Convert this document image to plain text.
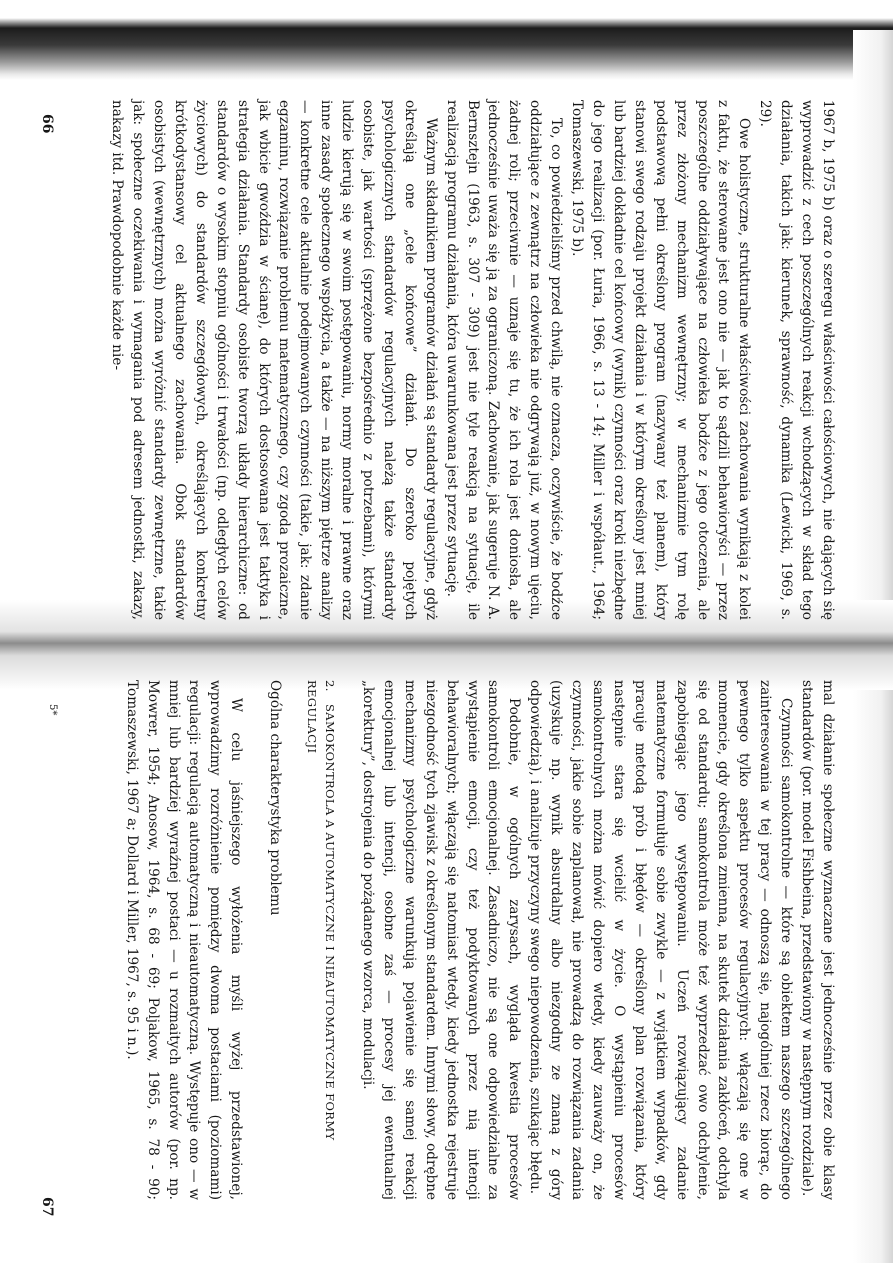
1967 b, 1975 b) oraz o szeregu właściwości całościowych, nie dających się wyprowadzić z cech poszczególnych reakcji wchodzących w skład tego działania, takich jak: kierunek, sprawność, dynamika (Lewicki, 1969, s. 29).

Owe holistyczne, strukturalne właściwości zachowania wynikają z kolei z faktu, że sterowane jest ono nie — jak to sądzili behawioryści — przez poszczególne oddziaływające na człowieka bodźce z jego otoczenia, ale przez złożony mechanizm wewnętrzny; w mechanizmie tym rolę podstawową pełni określony program (nazywany też planem), który stanowi swego rodzaju projekt działania i w którym określony jest mniej lub bardziej dokładnie cel końcowy (wynik) czynności oraz kroki niezbędne do jego realizacji (por. Łuria, 1966, s. 13 - 14; Miller i współaut., 1964; Tomaszewski, 1975 b).

To, co powiedzieliśmy przed chwilą, nie oznacza, oczywiście, że bodźce oddziałujące z zewnątrz na człowieka nie odgrywają już, w nowym ujęciu, żadnej roli; przeciwnie — uznaje się tu, że ich rola jest doniosła, ale jednocześnie uważa się ją za ograniczoną. Zachowanie, jak sugeruje N. A. Bernsztejn (1963, s. 307 - 309) jest nie tyle reakcją na sytuację, ile realizacją programu działania, która uwarunkowana jest przez sytuację.

Ważnym składnikiem programów działań są standardy regulacyjne, gdyż określają one „cele końcowe” działań. Do szeroko pojętych psychologicznych standardów regulacyjnych należą także standardy osobiste, jak wartości (sprzężone bezpośrednio z potrzebami), którymi ludzie kierują się w swoim postępowaniu, normy moralne i prawne oraz inne zasady społecznego współżycia, a także — na niższym piętrze analizy — konkretne cele aktualnie podejmowanych czynności (takie, jak: zdanie egzaminu, rozwiązanie problemu matematycznego, czy zgoda prozaiczne, jak wbicie gwoździa w ścianę), do których dostosowana jest taktyka i strategia działania. Standardy osobiste tworzą układy hierarchiczne: od standardów o wysokim stopniu ogólności i trwałości (np. odległych celów życiowych) do standardów szczegółowych, określających konkretny krótkodystansowy cel aktualnego zachowania. Obok standardów osobistych (wewnętrznych) można wyróżnić standardy zewnętrzne, takie jak: społeczne oczekiwania i wymagania pod adresem jednostki, zakazy, nakazy itd. Prawdopodobnie każde nie-

66

mal działanie społeczne wyznaczane jest jednocześnie przez obie klasy standardów (por. model Fishbeina, przedstawiony w następnym rozdziale).

Czynności samokontrolne — które są obiektem naszego szczególnego zainteresowania w tej pracy — odnoszą się, najogólniej rzecz biorąc, do pewnego tylko aspektu procesów regulacyjnych: włączają się one w momencie, gdy określona zmienna, na skutek działania zakłóceń, odchyla się od standardu; samokontrola może też wyprzedzać owo odchylenie, zapobiegając jego występowaniu. Uczeń rozwiązujący zadanie matematyczne formułuje sobie zwykle — z wyjątkiem wypadków, gdy pracuje metodą prób i błędów — określony plan rozwiązania, który następnie stara się wcielić w życie. O wystąpieniu procesów samokontrolnych można mówić dopiero wtedy, kiedy zauważy on, że czynności, jakie sobie zaplanował, nie prowadzą do rozwiązania zadania (uzyskuje np. wynik absurdalny albo niezgodny ze znaną z góry odpowiedzią), i analizuje przyczyny swego niepowodzenia, szukając błędu.

Podobnie, w ogólnych zarysach, wygląda kwestia procesów samokontroli emocjonalnej. Zasadniczo, nie są one odpowiedzialne za wystąpienie emocji, czy też podyktowanych przez nią intencji behawioralnych; włączają się natomiast wtedy, kiedy jednostka rejestruje niezgodność tych zjawisk z określonym standardem. Innymi słowy, odrębne mechanizmy psychologiczne warunkują pojawienie się samej reakcji emocjonalnej lub intencji, osobne zaś — procesy jej ewentualnej „korektury”, dostrojenia do pożądanego wzorca, modulacji.

2.SAMOKONTROLA A AUTOMATYCZNE I NIEAUTOMATYCZNE FORMY REGULACJI

Ogólna charakterystyka problemu

W celu jaśniejszego wyłożenia myśli wyżej przedstawionej, wprowadzimy rozróżnienie pomiędzy dwoma postaciami (poziomami) regulacji: regulacją automatyczną i nieautomatyczną. Występuje ono — w mniej lub bardziej wyraźnej postaci — u rozmaitych autorów (por. np. Mowrer, 1954; Anosow, 1964, s. 68 - 69; Poljakow, 1965, s. 78 - 90; Tomaszewski, 1967 a; Dollard i Miller, 1967, s. 95 i n.).

67

5*
